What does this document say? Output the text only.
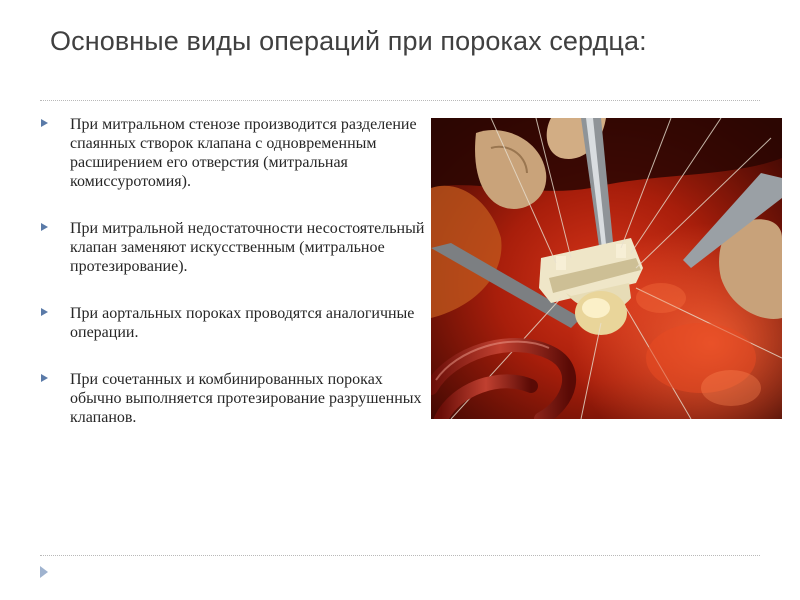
Основные виды операций при пороках сердца:
При митральном стенозе производится разделение спаянных створок клапана с одновременным расширением его отверстия (митральная комиссуротомия).
При митральной недостаточности несостоятельный клапан заменяют искусственным (митральное протезирование).
При аортальных пороках проводятся аналогичные операции.
При сочетанных и комбинированных пороках обычно выполняется протезирование разрушенных клапанов.
